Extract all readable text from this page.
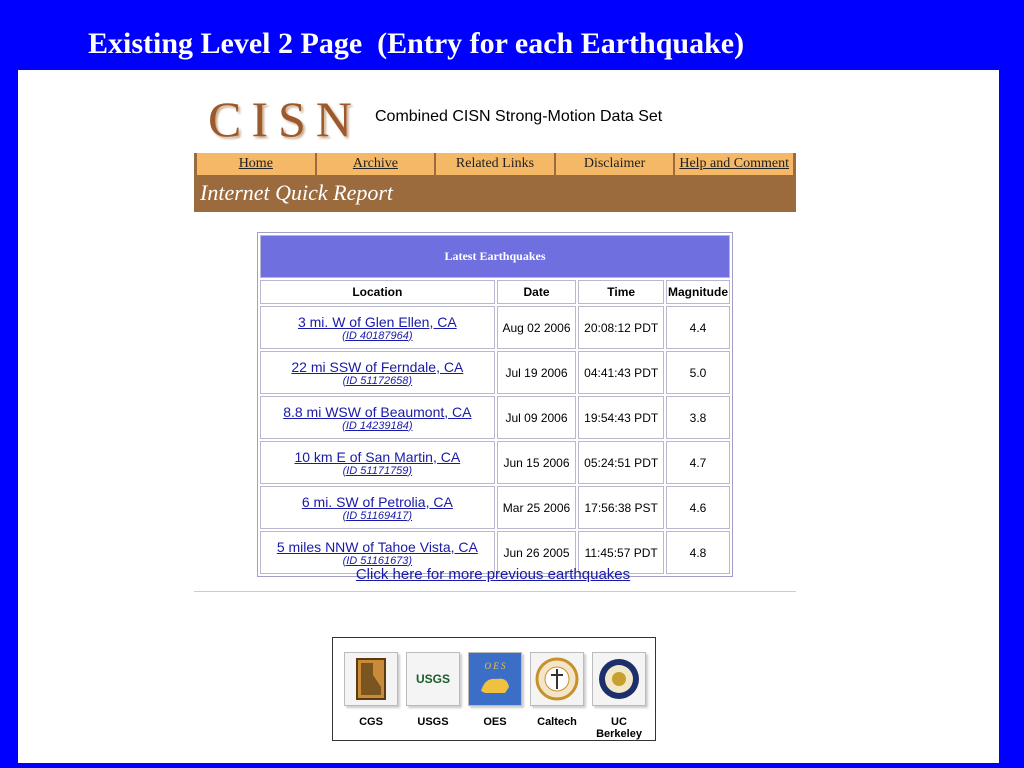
Existing Level 2 Page  (Entry for each Earthquake)
CISN Combined CISN Strong-Motion Data Set
Home	Archive	Related Links	Disclaimer	Help and Comment
Internet Quick Report
Latest Earthquakes			
Location	Date	Time	Magnitude

3 mi. W of Glen Ellen, CA
(ID 40187964)	Aug 02 2006	20:08:12 PDT	4.4

22 mi SSW of Ferndale, CA
(ID 51172658)	Jul 19 2006	04:41:43 PDT	5.0

8.8 mi WSW of Beaumont, CA
(ID 14239184)	Jul 09 2006	19:54:43 PDT	3.8

10 km E of San Martin, CA
(ID 51171759)	Jun 15 2006	05:24:51 PDT	4.7

6 mi. SW of Petrolia, CA
(ID 51169417)	Mar 25 2006	17:56:38 PST	4.6

5 miles NNW of Tahoe Vista, CA
(ID 51161673)	Jun 26 2005	11:45:57 PDT	4.8
Click here for more previous earthquakes
CGS
USGS
USGS
O E S
OES	Caltech	UC Berkeley
